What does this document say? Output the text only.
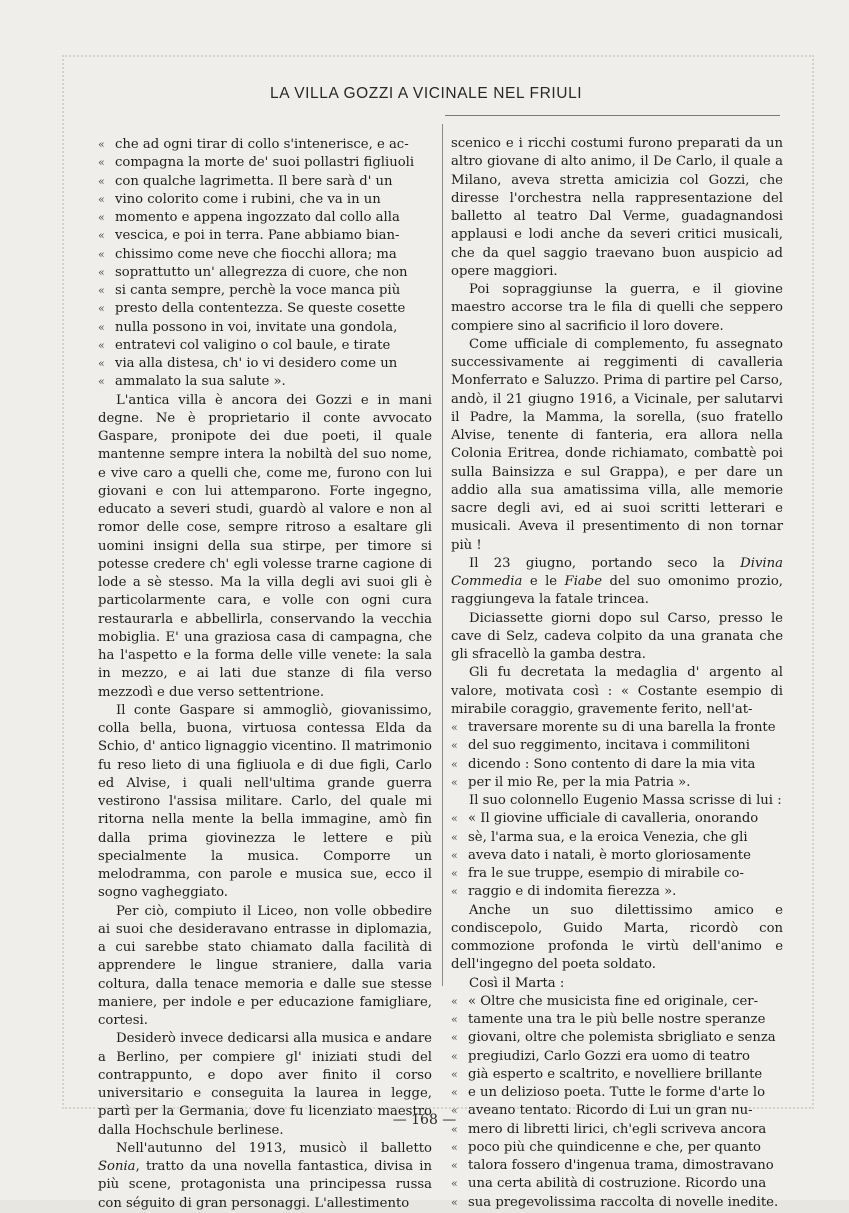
LA VILLA GOZZI A VICINALE NEL FRIULI
« che ad ogni tirar di collo s'intenerisce, e ac-
« compagna la morte de' suoi pollastri figliuoli
« con qualche lagrimetta. Il bere sarà d' un
« vino colorito come i rubini, che va in un
« momento e appena ingozzato dal collo alla
« vescica, e poi in terra. Pane abbiamo bian-
« chissimo come neve che fiocchi allora; ma
« soprattutto un' allegrezza di cuore, che non
« si canta sempre, perchè la voce manca più
« presto della contentezza. Se queste cosette
« nulla possono in voi, invitate una gondola,
« entratevi col valigino o col baule, e tirate
« via alla distesa, ch' io vi desidero come un
« ammalato la sua salute ».

L'antica villa è ancora dei Gozzi e in mani degne. Ne è proprietario il conte avvocato Gaspare, pronipote dei due poeti, il quale mantenne sempre intera la nobiltà del suo nome, e vive caro a quelli che, come me, furono con lui giovani e con lui attemparono. Forte ingegno, educato a severi studi, guardò al valore e non al romor delle cose, sempre ritroso a esaltare gli uomini insigni della sua stirpe, per timore si potesse credere ch' egli volesse trarne cagione di lode a sè stesso. Ma la villa degli avi suoi gli è particolarmente cara, e volle con ogni cura restaurarla e abbellirla, conservando la vecchia mobiglia. E' una graziosa casa di campagna, che ha l'aspetto e la forma delle ville venete: la sala in mezzo, e ai lati due stanze di fila verso mezzodì e due verso settentrione.

Il conte Gaspare si ammogliò, giovanissimo, colla bella, buona, virtuosa contessa Elda da Schio, d' antico lignaggio vicentino. Il matrimonio fu reso lieto di una figliuola e di due figli, Carlo ed Alvise, i quali nell'ultima grande guerra vestirono l'assisa militare. Carlo, del quale mi ritorna nella mente la bella immagine, amò fin dalla prima giovinezza le lettere e più specialmente la musica. Comporre un melodramma, con parole e musica sue, ecco il sogno vagheggiato.

Per ciò, compiuto il Liceo, non volle obbedire ai suoi che desideravano entrasse in diplomazia, a cui sarebbe stato chiamato dalla facilità di apprendere le lingue straniere, dalla varia coltura, dalla tenace memoria e dalle sue stesse maniere, per indole e per educazione famigliare, cortesi.

Desiderò invece dedicarsi alla musica e andare a Berlino, per compiere gl' iniziati studi del contrappunto, e dopo aver finito il corso universitario e conseguita la laurea in legge, partì per la Germania, dove fu licenziato maestro dalla Hochschule berlinese.

Nell'autunno del 1913, musicò il balletto Sonia, tratto da una novella fantastica, divisa in più scene, protagonista una principessa russa con séguito di gran personaggi. L'allestimento

scenico e i ricchi costumi furono preparati da un altro giovane di alto animo, il De Carlo, il quale a Milano, aveva stretta amicizia col Gozzi, che diresse l'orchestra nella rappresentazione del balletto al teatro Dal Verme, guadagnandosi applausi e lodi anche da severi critici musicali, che da quel saggio traevano buon auspicio ad opere maggiori.

Poi sopraggiunse la guerra, e il giovine maestro accorse tra le fila di quelli che seppero compiere sino al sacrificio il loro dovere.

Come ufficiale di complemento, fu assegnato successivamente ai reggimenti di cavalleria Monferrato e Saluzzo. Prima di partire pel Carso, andò, il 21 giugno 1916, a Vicinale, per salutarvi il Padre, la Mamma, la sorella, (suo fratello Alvise, tenente di fanteria, era allora nella Colonia Eritrea, donde richiamato, combattè poi sulla Bainsizza e sul Grappa), e per dare un addio alla sua amatissima villa, alle memorie sacre degli avi, ed ai suoi scritti letterari e musicali. Aveva il presentimento di non tornar più !

Il 23 giugno, portando seco la Divina Commedia e le Fiabe del suo omonimo prozio, raggiungeva la fatale trincea.

Diciassette giorni dopo sul Carso, presso le cave di Selz, cadeva colpito da una granata che gli sfracellò la gamba destra.

Gli fu decretata la medaglia d' argento al valore, motivata così : « Costante esempio di mirabile coraggio, gravemente ferito, nell'at-

« traversare morente su di una barella la fronte
« del suo reggimento, incitava i commilitoni
« dicendo : Sono contento di dare la mia vita
« per il mio Re, per la mia Patria ».

Il suo colonnello Eugenio Massa scrisse di lui :

« « Il giovine ufficiale di cavalleria, onorando
« sè, l'arma sua, e la eroica Venezia, che gli
« aveva dato i natali, è morto gloriosamente
« fra le sue truppe, esempio di mirabile co-
« raggio e di indomita fierezza ».

Anche un suo dilettissimo amico e condiscepolo, Guido Marta, ricordò con commozione profonda le virtù dell'animo e dell'ingegno del poeta soldato.

Così il Marta :

« « Oltre che musicista fine ed originale, cer-
« tamente una tra le più belle nostre speranze
« giovani, oltre che polemista sbrigliato e senza
« pregiudizi, Carlo Gozzi era uomo di teatro
« già esperto e scaltrito, e novelliere brillante
« e un delizioso poeta. Tutte le forme d'arte lo
« aveano tentato. Ricordo di Lui un gran nu-
« mero di libretti lirici, ch'egli scriveva ancora
« poco più che quindicenne e che, per quanto
« talora fossero d'ingenua trama, dimostravano
« una certa abilità di costruzione. Ricordo una
« sua pregevolissima raccolta di novelle inedite.
— 168 —
